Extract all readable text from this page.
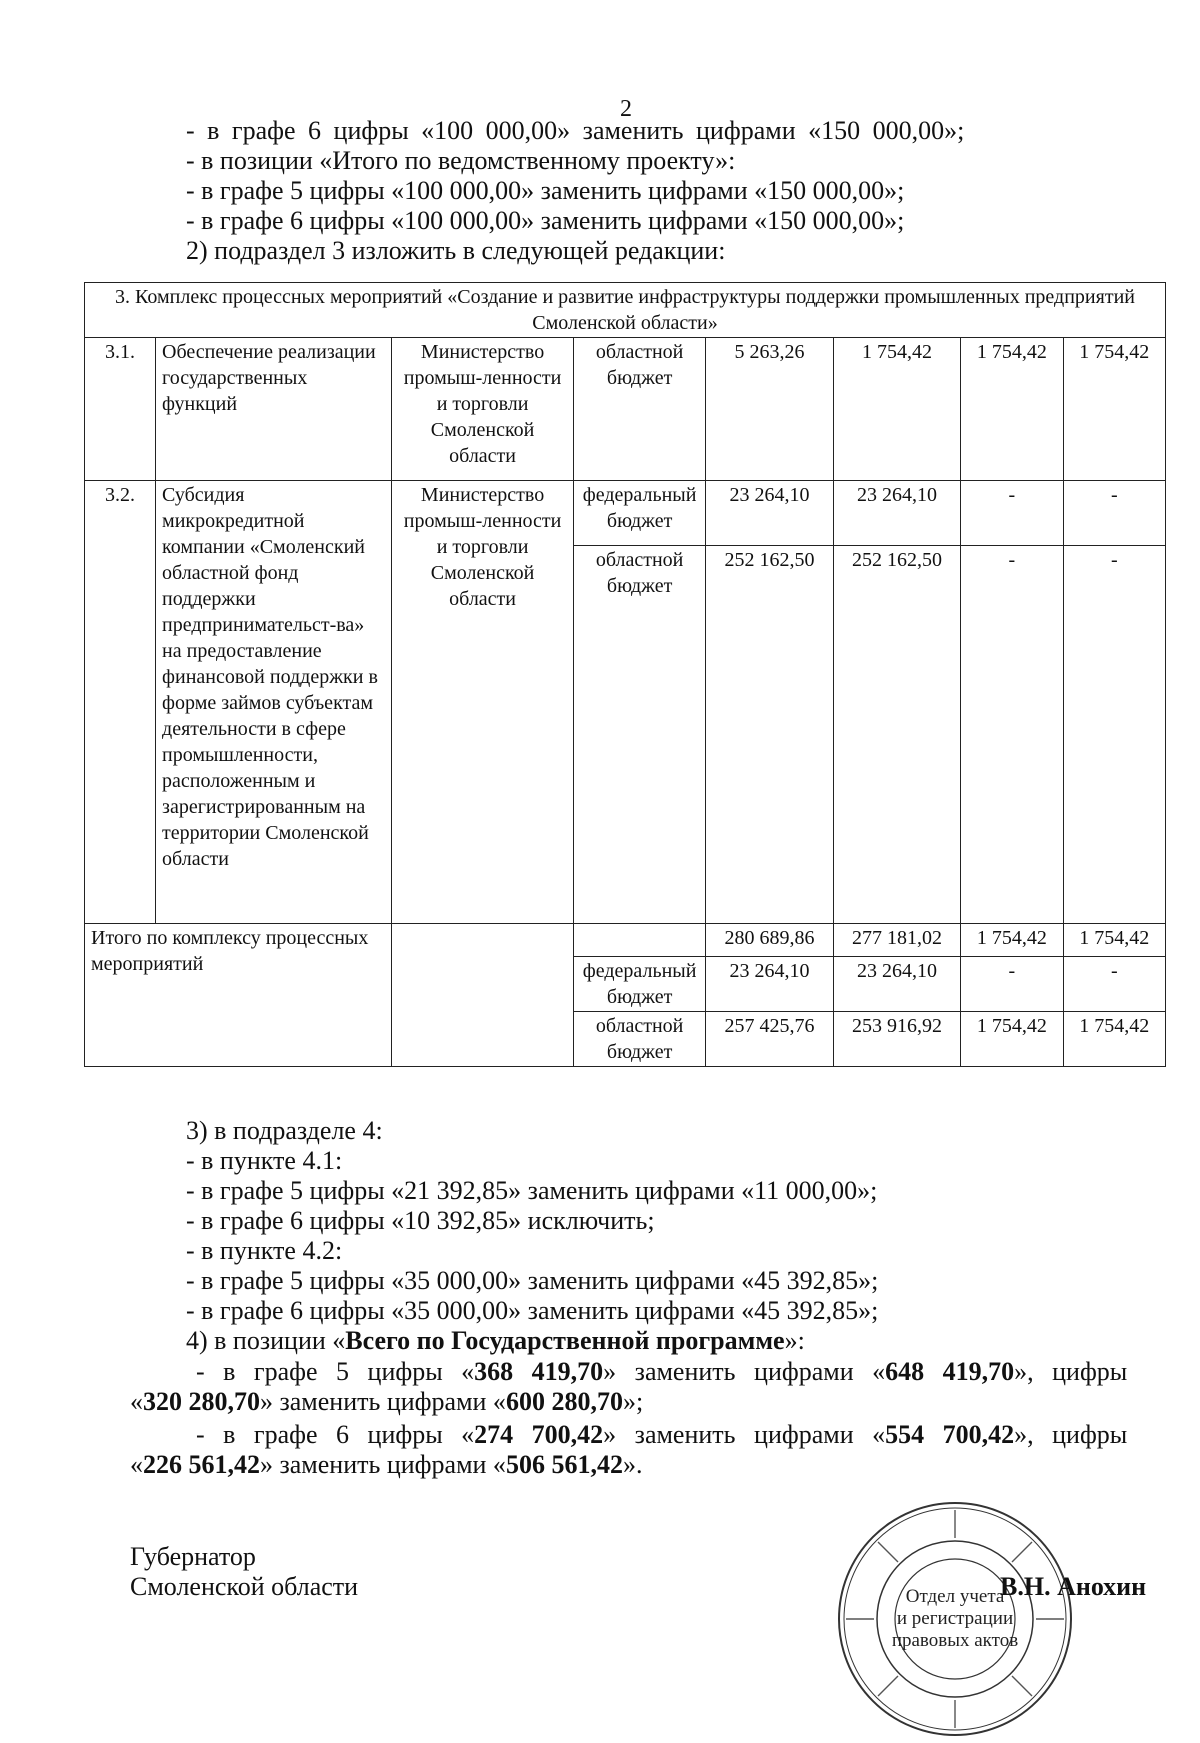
2
- в графе 6 цифры «100 000,00» заменить цифрами «150 000,00»;
- в позиции «Итого по ведомственному проекту»:
- в графе 5 цифры «100 000,00» заменить цифрами «150 000,00»;
- в графе 6 цифры «100 000,00» заменить цифрами «150 000,00»;
2) подраздел 3 изложить в следующей редакции:
3. Комплекс процессных мероприятий «Создание и развитие инфраструктуры поддержки промышленных предприятий Смоленской области»							
3.1.	Обеспечение реализации государственных функций	Министерство промыш-ленности и торговли Смоленской области	областной бюджет	5 263,26	1 754,42	1 754,42	1 754,42
3.2.	Субсидия микрокредитной компании «Смоленский областной фонд поддержки предпринимательст-ва» на предоставление финансовой поддержки в форме займов субъектам деятельности в сфере промышленности, расположенным и зарегистрированным на территории Смоленской области	Министерство промыш-ленности и торговли Смоленской области	федеральный бюджет	23 264,10	23 264,10	-	-
			областной бюджет	252 162,50	252 162,50	-	-
Итого по комплексу процессных мероприятий				280 689,86	277 181,02	1 754,42	1 754,42
			федеральный бюджет	23 264,10	23 264,10	-	-
			областной бюджет	257 425,76	253 916,92	1 754,42	1 754,42
3) в подразделе 4:
- в пункте 4.1:
- в графе 5 цифры «21 392,85» заменить цифрами «11 000,00»;
- в графе 6 цифры «10 392,85» исключить;
- в пункте 4.2:
- в графе 5 цифры «35 000,00» заменить цифрами «45 392,85»;
- в графе 6 цифры «35 000,00» заменить цифрами «45 392,85»;
4) в позиции «Всего по Государственной программе»:
- в графе 5 цифры «368 419,70» заменить цифрами «648 419,70», цифры
«320 280,70» заменить цифрами «600 280,70»;
- в графе 6 цифры «274 700,42» заменить цифрами «554 700,42», цифры
«226 561,42» заменить цифрами «506 561,42».
Губернатор
Смоленской области	Отдел учета
и регистрации
правовых актов
В.Н. Анохин
